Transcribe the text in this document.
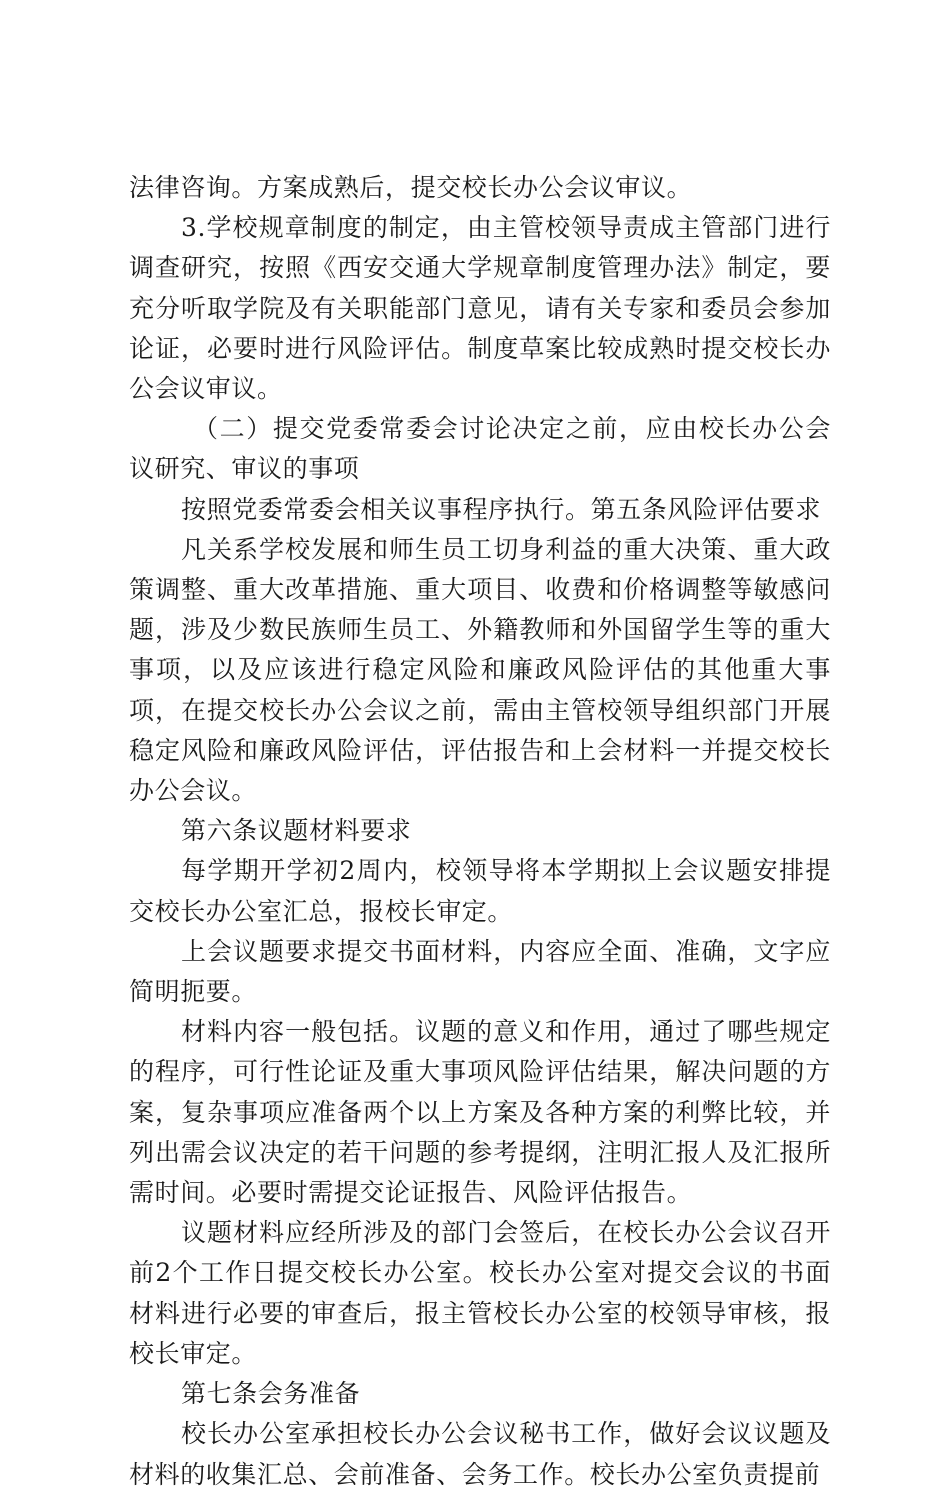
法律咨询。方案成熟后，提交校长办公会议审议。

3.学校规章制度的制定，由主管校领导责成主管部门进行调查研究，按照《西安交通大学规章制度管理办法》制定，要充分听取学院及有关职能部门意见，请有关专家和委员会参加论证，必要时进行风险评估。制度草案比较成熟时提交校长办公会议审议。

（二）提交党委常委会讨论决定之前，应由校长办公会议研究、审议的事项

按照党委常委会相关议事程序执行。第五条风险评估要求

凡关系学校发展和师生员工切身利益的重大决策、重大政策调整、重大改革措施、重大项目、收费和价格调整等敏感问题，涉及少数民族师生员工、外籍教师和外国留学生等的重大事项，以及应该进行稳定风险和廉政风险评估的其他重大事项，在提交校长办公会议之前，需由主管校领导组织部门开展稳定风险和廉政风险评估，评估报告和上会材料一并提交校长办公会议。

第六条议题材料要求

每学期开学初2周内，校领导将本学期拟上会议题安排提交校长办公室汇总，报校长审定。

上会议题要求提交书面材料，内容应全面、准确，文字应简明扼要。

材料内容一般包括。议题的意义和作用，通过了哪些规定的程序，可行性论证及重大事项风险评估结果，解决问题的方案，复杂事项应准备两个以上方案及各种方案的利弊比较，并列出需会议决定的若干问题的参考提纲，注明汇报人及汇报所需时间。必要时需提交论证报告、风险评估报告。

议题材料应经所涉及的部门会签后，在校长办公会议召开前2个工作日提交校长办公室。校长办公室对提交会议的书面材料进行必要的审查后，报主管校长办公室的校领导审核，报校长审定。

第七条会务准备

校长办公室承担校长办公会议秘书工作，做好会议议题及材料的收集汇总、会前准备、会务工作。校长办公室负责提前
